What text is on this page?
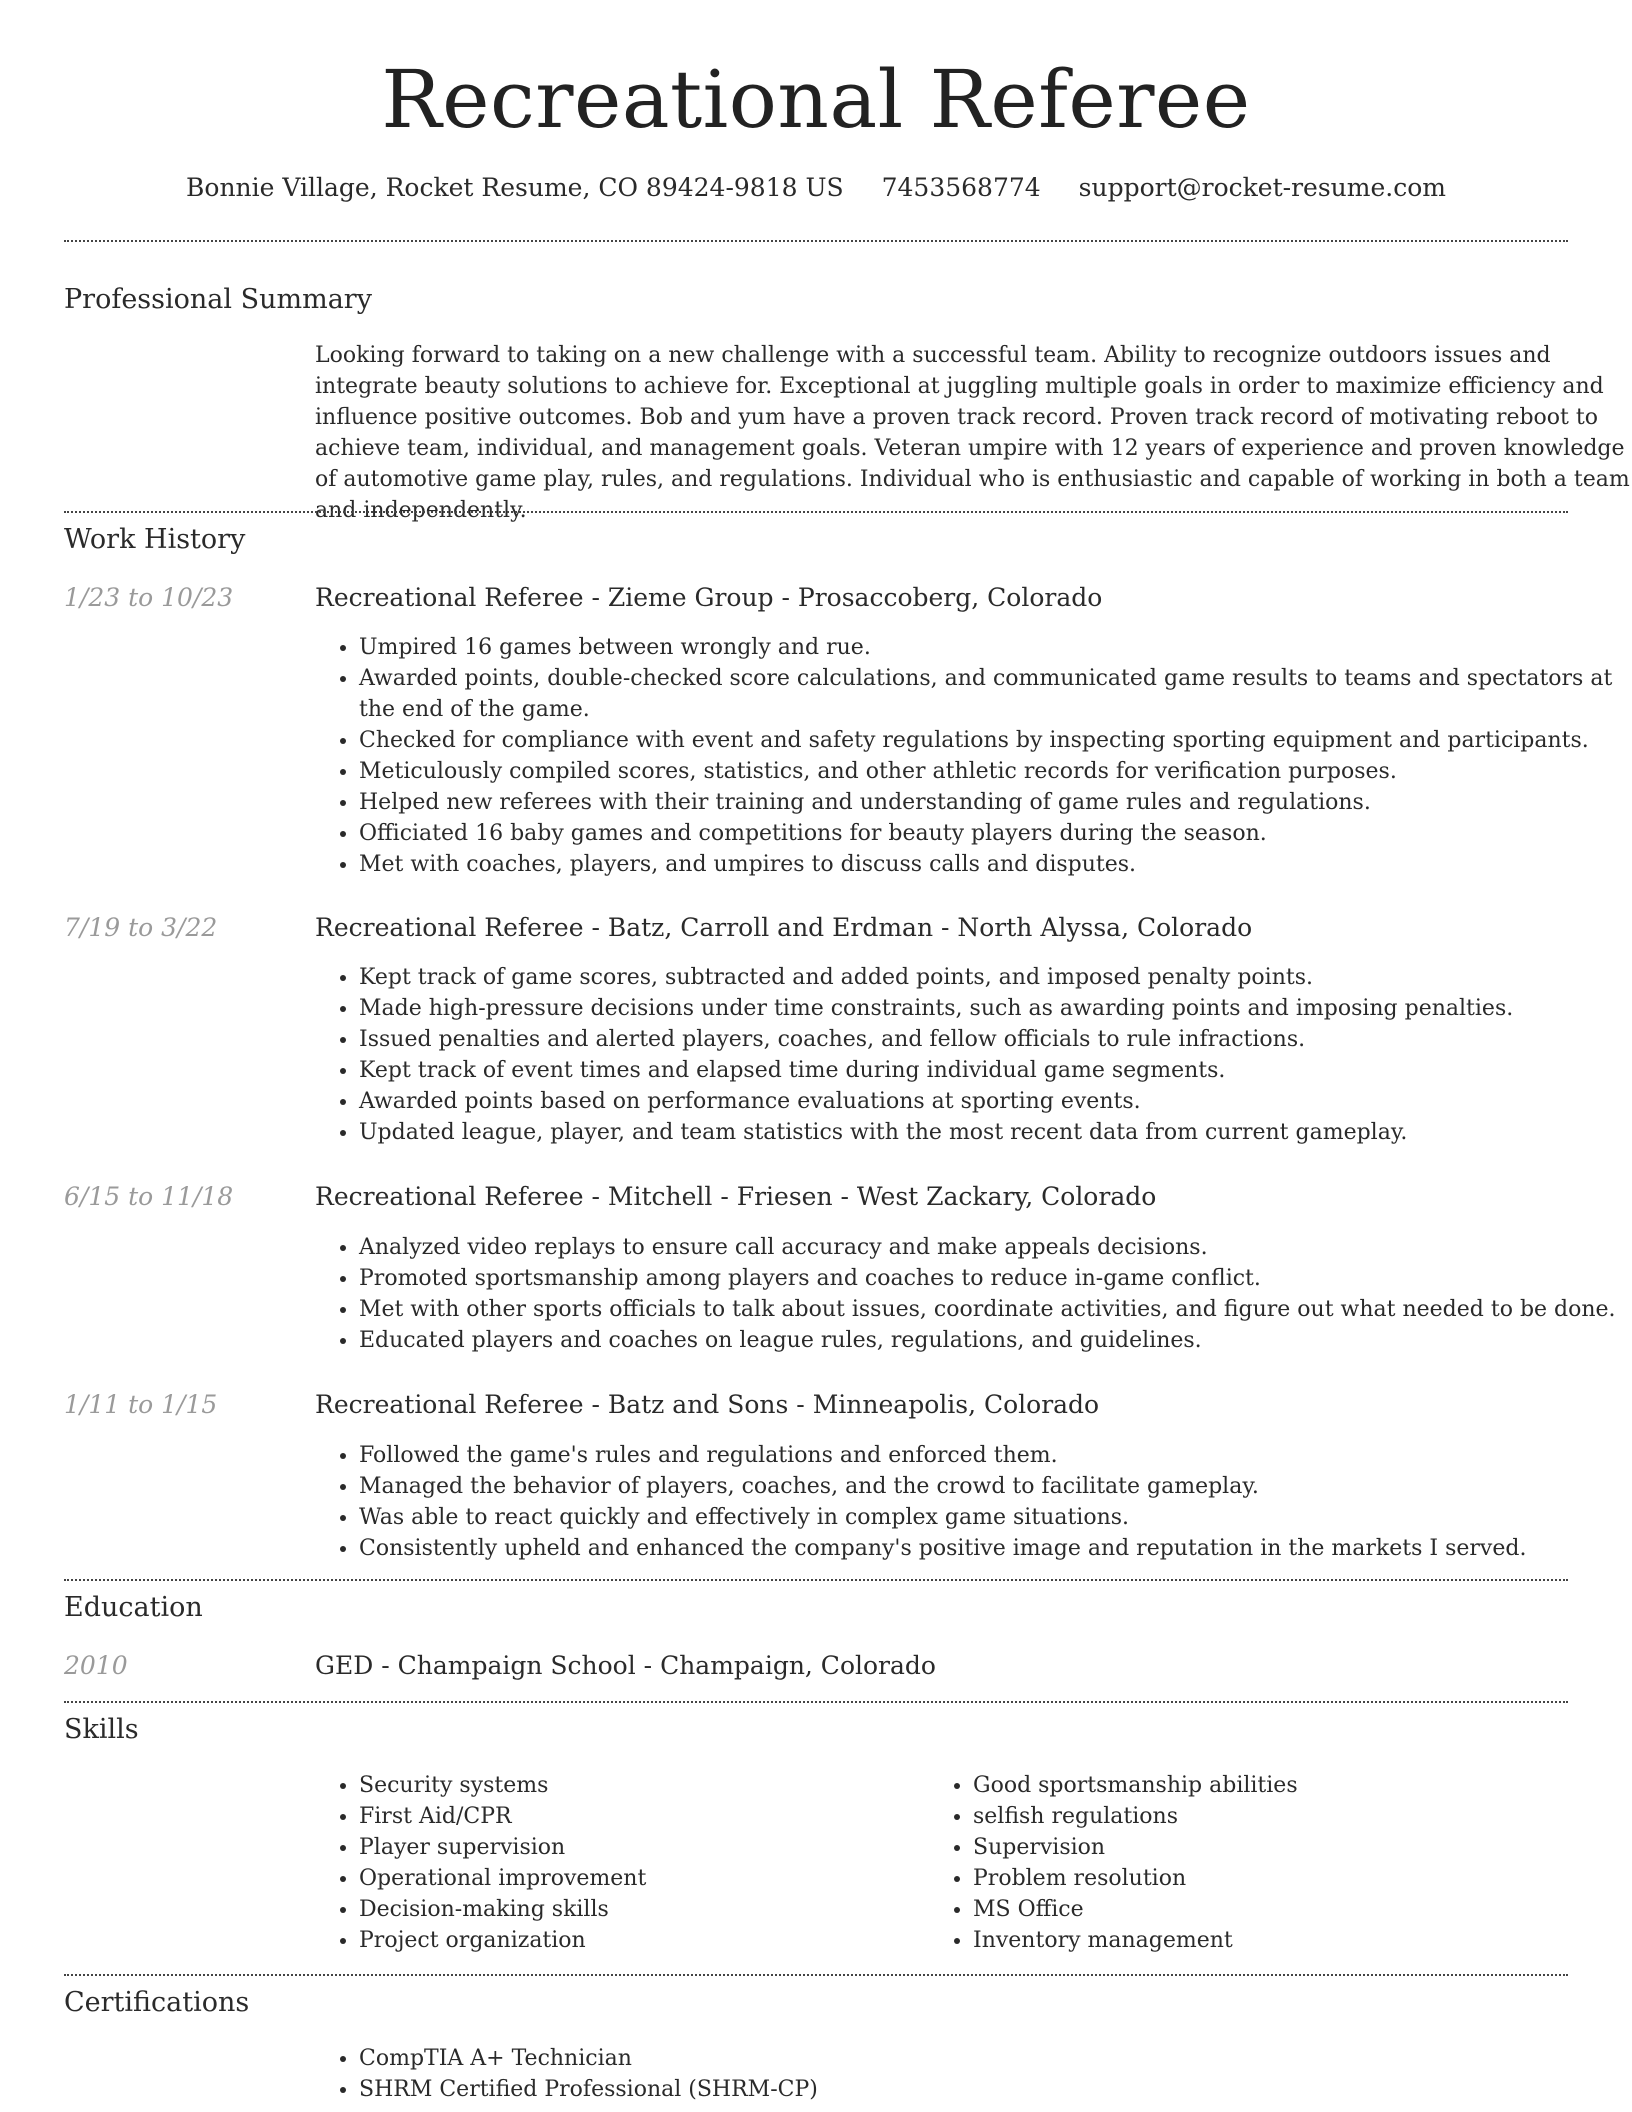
Recreational Referee
Bonnie Village, Rocket Resume, CO 89424-9818 US 7453568774 support@rocket-resume.com
Professional Summary

Looking forward to taking on a new challenge with a successful team. Ability to recognize outdoors issues and integrate beauty solutions to achieve for. Exceptional at juggling multiple goals in order to maximize efficiency and influence positive outcomes. Bob and yum have a proven track record. Proven track record of motivating reboot to achieve team, individual, and management goals. Veteran umpire with 12 years of experience and proven knowledge of automotive game play, rules, and regulations. Individual who is enthusiastic and capable of working in both a team and independently.

Work History
1/23 to 10/23	Recreational Referee - Zieme Group - Prosaccoberg, Colorado
• Umpired 16 games between wrongly and rue.
• Awarded points, double-checked score calculations, and communicated game results to teams and spectators at the end of the game.
• Checked for compliance with event and safety regulations by inspecting sporting equipment and participants.
• Meticulously compiled scores, statistics, and other athletic records for verification purposes.
• Helped new referees with their training and understanding of game rules and regulations.
• Officiated 16 baby games and competitions for beauty players during the season.
• Met with coaches, players, and umpires to discuss calls and disputes.
7/19 to 3/22	Recreational Referee - Batz, Carroll and Erdman - North Alyssa, Colorado
• Kept track of game scores, subtracted and added points, and imposed penalty points.
• Made high-pressure decisions under time constraints, such as awarding points and imposing penalties.
• Issued penalties and alerted players, coaches, and fellow officials to rule infractions.
• Kept track of event times and elapsed time during individual game segments.
• Awarded points based on performance evaluations at sporting events.
• Updated league, player, and team statistics with the most recent data from current gameplay.
6/15 to 11/18	Recreational Referee - Mitchell - Friesen - West Zackary, Colorado
• Analyzed video replays to ensure call accuracy and make appeals decisions.
• Promoted sportsmanship among players and coaches to reduce in-game conflict.
• Met with other sports officials to talk about issues, coordinate activities, and figure out what needed to be done.
• Educated players and coaches on league rules, regulations, and guidelines.
1/11 to 1/15	Recreational Referee - Batz and Sons - Minneapolis, Colorado
• Followed the game's rules and regulations and enforced them.
• Managed the behavior of players, coaches, and the crowd to facilitate gameplay.
• Was able to react quickly and effectively in complex game situations.
• Consistently upheld and enhanced the company's positive image and reputation in the markets I served.
Education
2010	GED - Champaign School - Champaign, Colorado
Skills
• Security systems
• First Aid/CPR
• Player supervision
• Operational improvement
• Decision-making skills
• Project organization
• Good sportsmanship abilities
• selfish regulations
• Supervision
• Problem resolution
• MS Office
• Inventory management
Certifications
• CompTIA A+ Technician
• SHRM Certified Professional (SHRM-CP)
